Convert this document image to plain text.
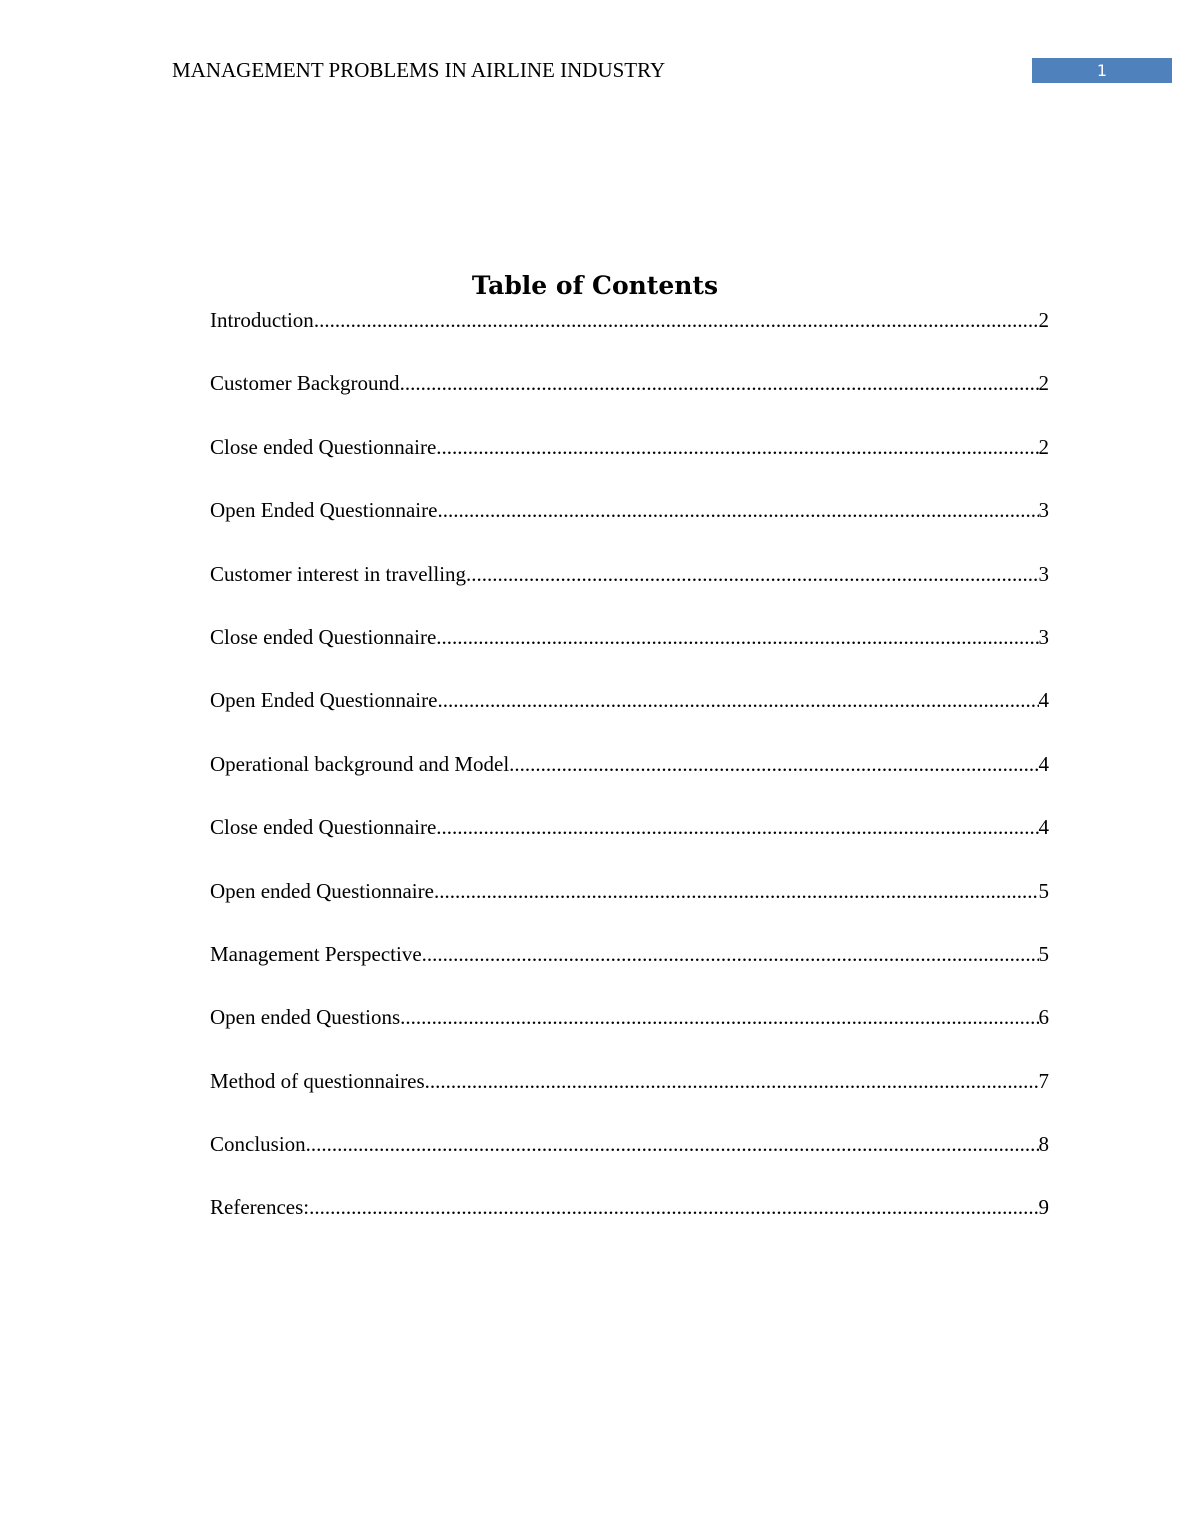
MANAGEMENT PROBLEMS IN AIRLINE INDUSTRY	1
Table of Contents
Introduction .....	2
Customer Background .....	2
Close ended Questionnaire .....	2
Open Ended Questionnaire .....	3
Customer interest in travelling .....	3
Close ended Questionnaire .....	3
Open Ended Questionnaire .....	4
Operational background and Model .....	4
Close ended Questionnaire .....	4
Open ended Questionnaire .....	5
Management Perspective .....	5
Open ended Questions .....	6
Method of questionnaires .....	7
Conclusion .....	8
References: .....	9
